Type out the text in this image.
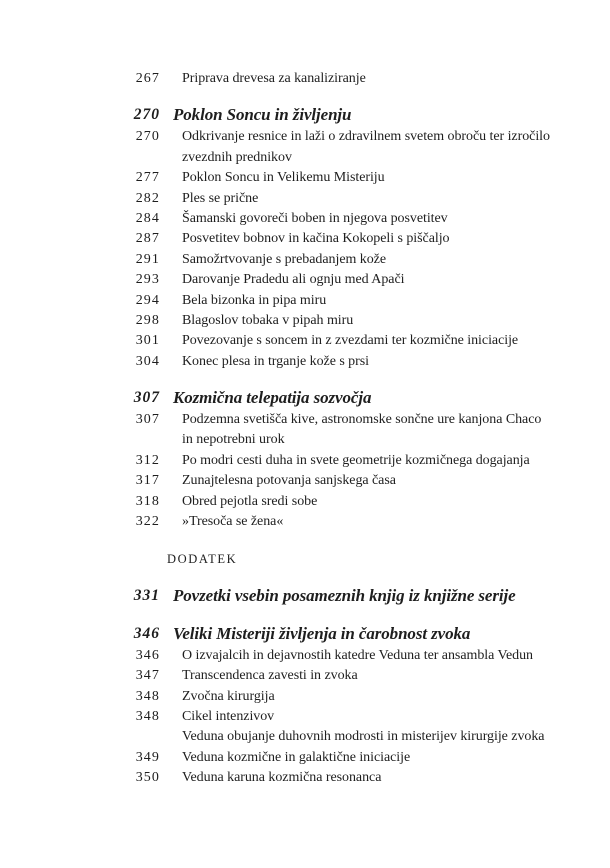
267 Priprava drevesa za kanaliziranje
270 Poklon Soncu in življenju
270 Odkrivanje resnice in laži o zdravilnem svetem obroču ter izročilo
zvezdnih prednikov
277 Poklon Soncu in Velikemu Misteriju
282 Ples se prične
284 Šamanski govoreči boben in njegova posvetitev
287 Posvetitev bobnov in kačina Kokopeli s piščaljo
291 Samožrtvovanje s prebadanjem kože
293 Darovanje Pradedu ali ognju med Apači
294 Bela bizonka in pipa miru
298 Blagoslov tobaka v pipah miru
301 Povezovanje s soncem in z zvezdami ter kozmične iniciacije
304 Konec plesa in trganje kože s prsi
307 Kozmična telepatija sozvočja
307 Podzemna svetišča kive, astronomske sončne ure kanjona Chaco
in nepotrebni urok
312 Po modri cesti duha in svete geometrije kozmičnega dogajanja
317 Zunajtelesna potovanja sanjskega časa
318 Obred pejotla sredi sobe
322 »Tresoča se žena«
DODATEK
331 Povzetki vsebin posameznih knjig iz knjižne serije
346 Veliki Misteriji življenja in čarobnost zvoka
346 O izvajalcih in dejavnostih katedre Veduna ter ansambla Vedun
347 Transcendenca zavesti in zvoka
348 Zvočna kirurgija
348 Cikel intenzivov
Veduna obujanje duhovnih modrosti in misterijev kirurgije zvoka
349 Veduna kozmične in galaktične iniciacije
350 Veduna karuna kozmična resonanca
